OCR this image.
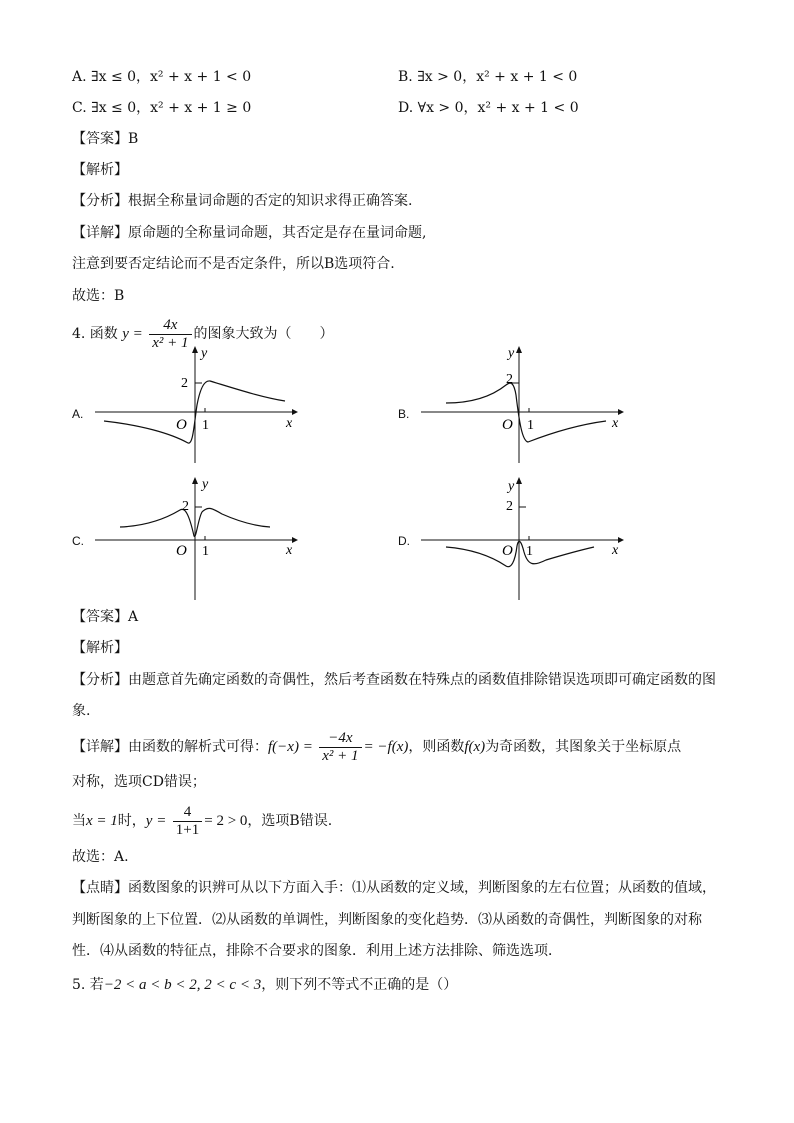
A. ∃x ≤ 0，x² + x + 1 < 0	B. ∃x > 0，x² + x + 1 < 0
C. ∃x ≤ 0，x² + x + 1 ≥ 0	D. ∀x > 0，x² + x + 1 < 0
【答案】B
【解析】
【分析】根据全称量词命题的否定的知识求得正确答案.
【详解】原命题的全称量词命题，其否定是存在量词命题,
注意到要否定结论而不是否定条件，所以B选项符合.
故选：B
4. 函数 $y = \frac{4x}{\text{x² + 1}}$ 的图象大致为（　　）
A.
y
x
O 1
2
B.
y
x
O 1
2
C.
y
x
O 1
2
D.
y
x
O 1
2
【答案】A
【解析】
【分析】由题意首先确定函数的奇偶性，然后考查函数在特殊点的函数值排除错误选项即可确定函数的图
象.
【详解】由函数的解析式可得：$f(-x) = \frac{-4x}{\text{x² + 1}} = -f(x)$，则函数f(x)为奇函数，其图象关于坐标原点
对称，选项CD错误；
当x = 1时，$y = \frac{4}{1+1} = 2 > 0$，选项B错误.
故选：A.
【点睛】函数图象的识辨可从以下方面入手：⑴从函数的定义域，判断图象的左右位置；从函数的值域，
判断图象的上下位置．⑵从函数的单调性，判断图象的变化趋势．⑶从函数的奇偶性，判断图象的对称
性．⑷从函数的特征点，排除不合要求的图象．利用上述方法排除、筛选选项．
5. 若−2 < a < b < 2, 2 < c < 3，则下列不等式不正确的是（）
